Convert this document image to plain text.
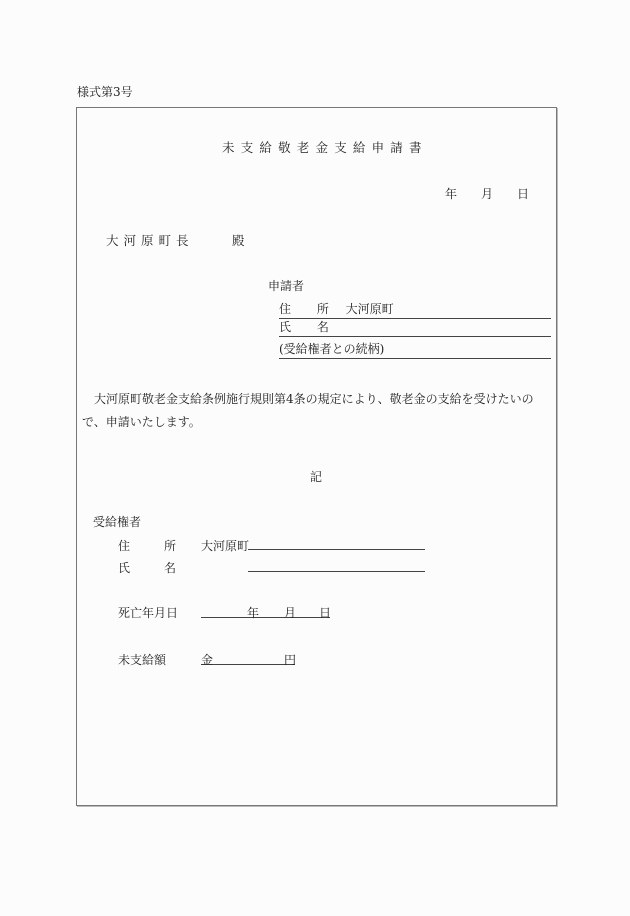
様式第3号
未支給敬老金支給申請書
年 月 日
大河原町長	殿
申請者
住 所 大河原町
氏 名
(受給権者との続柄)
大河原町敬老金支給条例施行規則第4条の規定により、敬老金の支給を受けたいので、申請いたします。
記
受給権者
住	所 大河原町
氏	名
死亡年月日	年 月 日
未支給額	金	円
